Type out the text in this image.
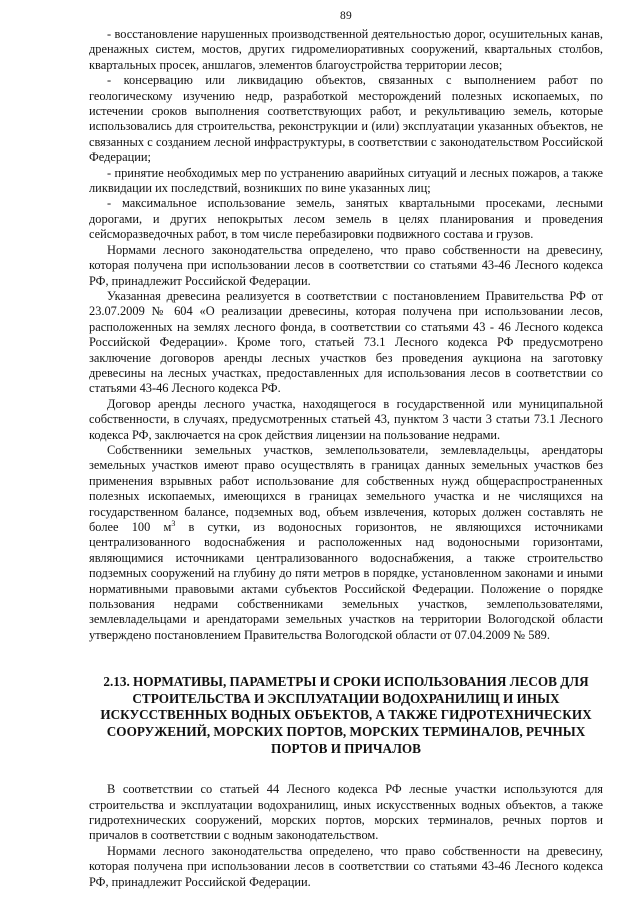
89

- восстановление нарушенных производственной деятельностью дорог, осушительных канав, дренажных систем, мостов, других гидромелиоративных сооружений, квартальных столбов, квартальных просек, аншлагов, элементов благоустройства территории лесов;

- консервацию или ликвидацию объектов, связанных с выполнением работ по геологическому изучению недр, разработкой месторождений полезных ископаемых, по истечении сроков выполнения соответствующих работ, и рекультивацию земель, которые использовались для строительства, реконструкции и (или) эксплуатации указанных объектов, не связанных с созданием лесной инфраструктуры, в соответствии с законодательством Российской Федерации;

- принятие необходимых мер по устранению аварийных ситуаций и лесных пожаров, а также ликвидации их последствий, возникших по вине указанных лиц;

- максимальное использование земель, занятых квартальными просеками, лесными дорогами, и других непокрытых лесом земель в целях планирования и проведения сейсморазведочных работ, в том числе перебазировки подвижного состава и грузов.

Нормами лесного законодательства определено, что право собственности на древесину, которая получена при использовании лесов в соответствии со статьями 43-46 Лесного кодекса РФ, принадлежит Российской Федерации.

Указанная древесина реализуется в соответствии с постановлением Правительства РФ от 23.07.2009 № 604 «О реализации древесины, которая получена при использовании лесов, расположенных на землях лесного фонда, в соответствии со статьями 43 - 46 Лесного кодекса Российской Федерации». Кроме того, статьей 73.1 Лесного кодекса РФ предусмотрено заключение договоров аренды лесных участков без проведения аукциона на заготовку древесины на лесных участках, предоставленных для использования лесов в соответствии со статьями 43-46 Лесного кодекса РФ.

Договор аренды лесного участка, находящегося в государственной или муниципальной собственности, в случаях, предусмотренных статьей 43, пунктом 3 части 3 статьи 73.1 Лесного кодекса РФ, заключается на срок действия лицензии на пользование недрами.

Собственники земельных участков, землепользователи, землевладельцы, арендаторы земельных участков имеют право осуществлять в границах данных земельных участков без применения взрывных работ использование для собственных нужд общераспространенных полезных ископаемых, имеющихся в границах земельного участка и не числящихся на государственном балансе, подземных вод, объем извлечения, которых должен составлять не более 100 $м^3$ в сутки, из водоносных горизонтов, не являющихся источниками централизованного водоснабжения и расположенных над водоносными горизонтами, являющимися источниками централизованного водоснабжения, а также строительство подземных сооружений на глубину до пяти метров в порядке, установленном законами и иными нормативными правовыми актами субъектов Российской Федерации. Положение о порядке пользования недрами собственниками земельных участков, землепользователями, землевладельцами и арендаторами земельных участков на территории Вологодской области утверждено постановлением Правительства Вологодской области от 07.04.2009 № 589.

2.13. НОРМАТИВЫ, ПАРАМЕТРЫ И СРОКИ ИСПОЛЬЗОВАНИЯ ЛЕСОВ ДЛЯ СТРОИТЕЛЬСТВА И ЭКСПЛУАТАЦИИ ВОДОХРАНИЛИЩ И ИНЫХ ИСКУССТВЕННЫХ ВОДНЫХ ОБЪЕКТОВ, А ТАКЖЕ ГИДРОТЕХНИЧЕСКИХ СООРУЖЕНИЙ, МОРСКИХ ПОРТОВ, МОРСКИХ ТЕРМИНАЛОВ, РЕЧНЫХ ПОРТОВ И ПРИЧАЛОВ

В соответствии со статьей 44 Лесного кодекса РФ лесные участки используются для строительства и эксплуатации водохранилищ, иных искусственных водных объектов, а также гидротехнических сооружений, морских портов, морских терминалов, речных портов и причалов в соответствии с водным законодательством.

Нормами лесного законодательства определено, что право собственности на древесину, которая получена при использовании лесов в соответствии со статьями 43-46 Лесного кодекса РФ, принадлежит Российской Федерации.
